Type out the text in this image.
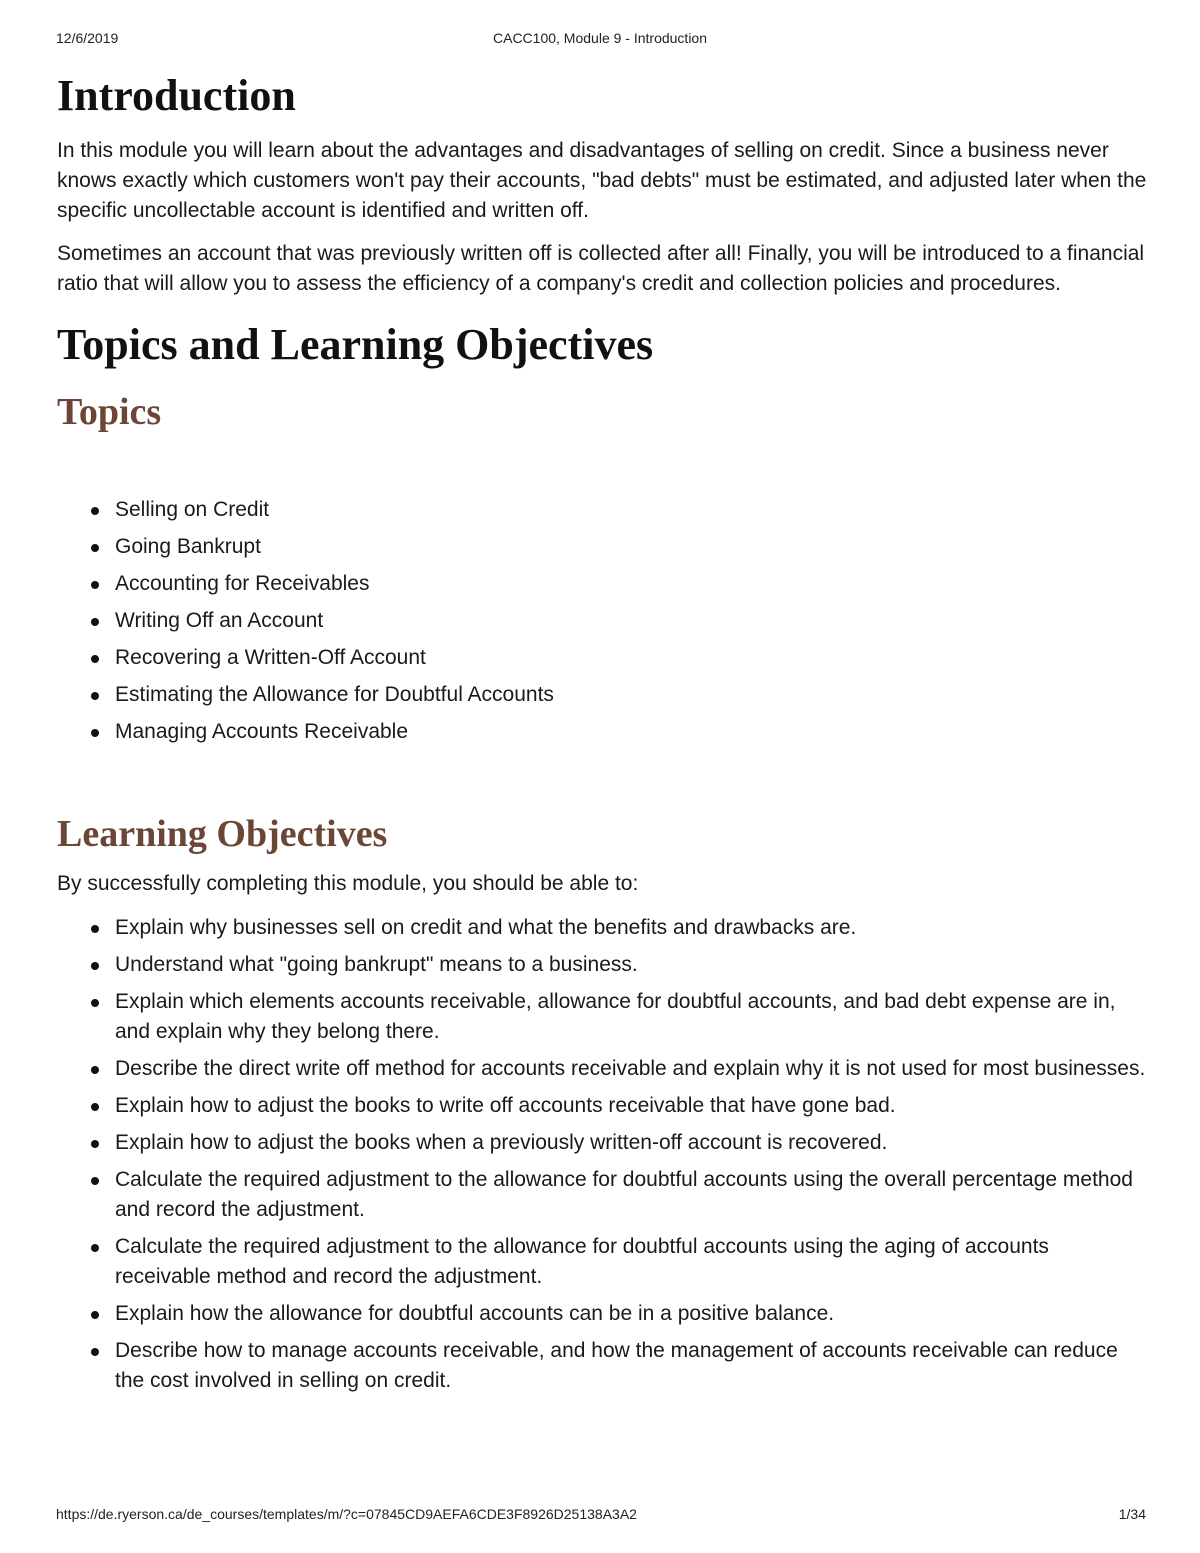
12/6/2019	CACC100, Module 9 - Introduction
Introduction

In this module you will learn about the advantages and disadvantages of selling on credit. Since a business never knows exactly which customers won't pay their accounts, "bad debts" must be estimated, and adjusted later when the specific uncollectable account is identified and written off.

Sometimes an account that was previously written off is collected after all! Finally, you will be introduced to a financial ratio that will allow you to assess the efficiency of a company's credit and collection policies and procedures.

Topics and Learning Objectives
Topics
Selling on Credit
Going Bankrupt
Accounting for Receivables
Writing Off an Account
Recovering a Written-Off Account
Estimating the Allowance for Doubtful Accounts
Managing Accounts Receivable
Learning Objectives

By successfully completing this module, you should be able to:

Explain why businesses sell on credit and what the benefits and drawbacks are.
Understand what "going bankrupt" means to a business.
Explain which elements accounts receivable, allowance for doubtful accounts, and bad debt expense are in, and explain why they belong there.
Describe the direct write off method for accounts receivable and explain why it is not used for most businesses.
Explain how to adjust the books to write off accounts receivable that have gone bad.
Explain how to adjust the books when a previously written-off account is recovered.
Calculate the required adjustment to the allowance for doubtful accounts using the overall percentage method and record the adjustment.
Calculate the required adjustment to the allowance for doubtful accounts using the aging of accounts receivable method and record the adjustment.
Explain how the allowance for doubtful accounts can be in a positive balance.
Describe how to manage accounts receivable, and how the management of accounts receivable can reduce the cost involved in selling on credit.
https://de.ryerson.ca/de_courses/templates/m/?c=07845CD9AEFA6CDE3F8926D25138A3A2	1/34
